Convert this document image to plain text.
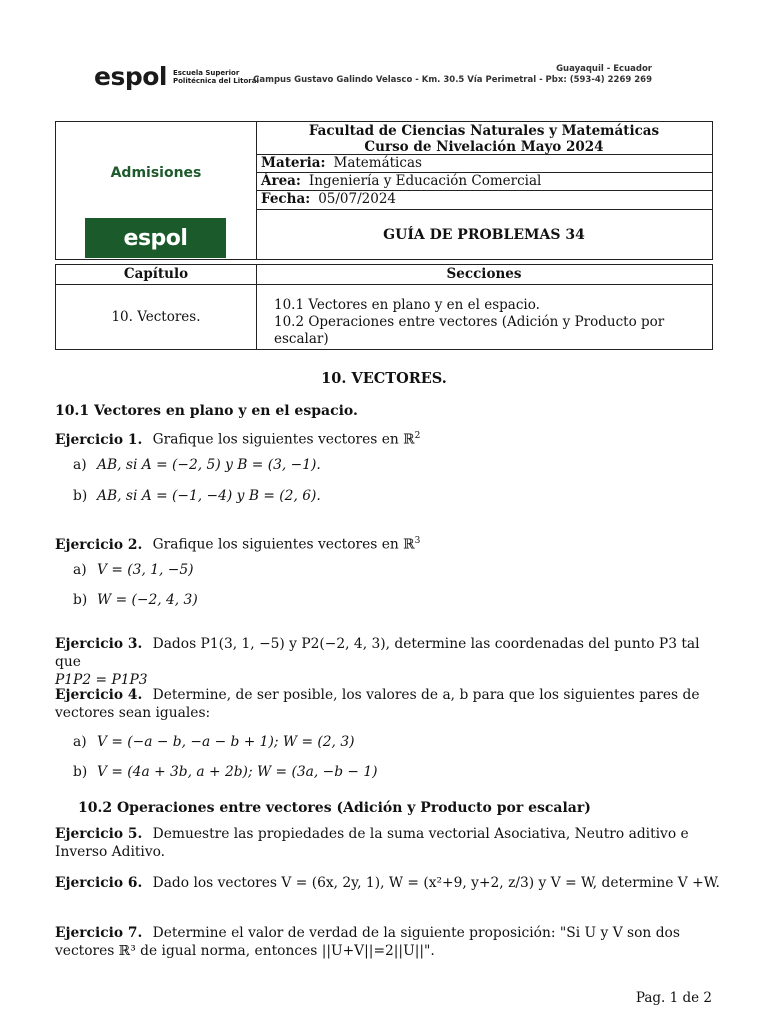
espol Escuela Superior
Politécnica del Litoral
Guayaquil - Ecuador
Campus Gustavo Galindo Velasco - Km. 30.5 Vía Perimetral - Pbx: (593-4) 2269 269
Admisiones
espol
Facultad de Ciencias Naturales y Matemáticas
Curso de Nivelación Mayo 2024
Materia: Matemáticas
Área: Ingeniería y Educación Comercial
Fecha: 05/07/2024
GUÍA DE PROBLEMAS 34
Capítulo	Secciones
10. Vectores.
10.1 Vectores en plano y en el espacio.
10.2 Operaciones entre vectores (Adición y Producto por escalar)
10. VECTORES.
10.1 Vectores en plano y en el espacio.
Ejercicio 1. Grafique los siguientes vectores en ℝ$^2$
a) AB, si A = (−2, 5) y B = (3, −1).
b) AB, si A = (−1, −4) y B = (2, 6).
Ejercicio 2. Grafique los siguientes vectores en ℝ$^3$
a) V = (3, 1, −5)
b) W = (−2, 4, 3)
Ejercicio 3. Dados P1(3, 1, −5) y P2(−2, 4, 3), determine las coordenadas del punto P3 tal que
P1P2 = P1P3
Ejercicio 4. Determine, de ser posible, los valores de a, b para que los siguientes pares de vectores sean iguales:
a) V = (−a − b, −a − b + 1); W = (2, 3)
b) V = (4a + 3b, a + 2b); W = (3a, −b − 1)
10.2 Operaciones entre vectores (Adición y Producto por escalar)
Ejercicio 5. Demuestre las propiedades de la suma vectorial Asociativa, Neutro aditivo e Inverso Aditivo.
Ejercicio 6. Dado los vectores V = (6x, 2y, 1), W = (x²+9, y+2, z/3) y V = W, determine V +W.
Ejercicio 7. Determine el valor de verdad de la siguiente proposición: "Si U y V son dos vectores ℝ³ de igual norma, entonces ||U+V||=2||U||".
Pag. 1 de 2
